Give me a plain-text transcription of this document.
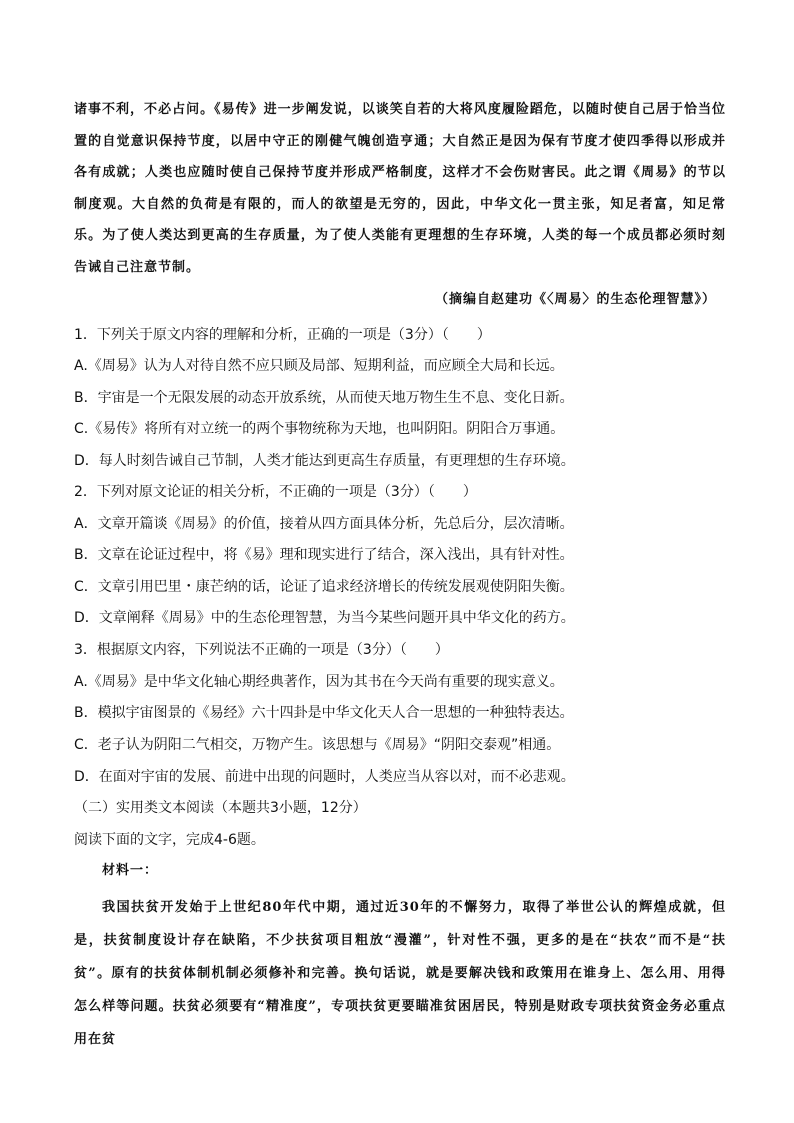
诸事不利，不必占问。《易传》进一步阐发说，以谈笑自若的大将风度履险蹈危，以随时使自己居于恰当位置的自觉意识保持节度，以居中守正的刚健气魄创造亨通；大自然正是因为保有节度才使四季得以形成并各有成就；人类也应随时使自己保持节度并形成严格制度，这样才不会伤财害民。此之谓《周易》的节以制度观。大自然的负荷是有限的，而人的欲望是无穷的，因此，中华文化一贯主张，知足者富，知足常乐。为了使人类达到更高的生存质量，为了使人类能有更理想的生存环境，人类的每一个成员都必须时刻告诫自己注意节制。

（摘编自赵建功《〈周易〉的生态伦理智慧》）

1．下列关于原文内容的理解和分析，正确的一项是（3分）（　　）

A.《周易》认为人对待自然不应只顾及局部、短期利益，而应顾全大局和长远。

B．宇宙是一个无限发展的动态开放系统，从而使天地万物生生不息、变化日新。

C.《易传》将所有对立统一的两个事物统称为天地，也叫阴阳。阴阳合万事通。

D．每人时刻告诫自己节制，人类才能达到更高生存质量，有更理想的生存环境。

2．下列对原文论证的相关分析，不正确的一项是（3分）（　　）

A．文章开篇谈《周易》的价值，接着从四方面具体分析，先总后分，层次清晰。

B．文章在论证过程中，将《易》理和现实进行了结合，深入浅出，具有针对性。

C．文章引用巴里・康芒纳的话，论证了追求经济增长的传统发展观使阴阳失衡。

D．文章阐释《周易》中的生态伦理智慧，为当今某些问题开具中华文化的药方。

3．根据原文内容，下列说法不正确的一项是（3分）（　　）

A.《周易》是中华文化轴心期经典著作，因为其书在今天尚有重要的现实意义。

B．模拟宇宙图景的《易经》六十四卦是中华文化天人合一思想的一种独特表达。

C．老子认为阴阳二气相交，万物产生。该思想与《周易》“阴阳交泰观”相通。

D．在面对宇宙的发展、前进中出现的问题时，人类应当从容以对，而不必悲观。

（二）实用类文本阅读（本题共3小题，12分）

阅读下面的文字，完成4-6题。

材料一：

我国扶贫开发始于上世纪80年代中期，通过近30年的不懈努力，取得了举世公认的辉煌成就，但是，扶贫制度设计存在缺陷，不少扶贫项目粗放“漫灌”，针对性不强，更多的是在“扶农”而不是“扶贫”。原有的扶贫体制机制必须修补和完善。换句话说，就是要解决钱和政策用在谁身上、怎么用、用得怎么样等问题。扶贫必须要有“精准度”，专项扶贫更要瞄准贫困居民，特别是财政专项扶贫资金务必重点用在贫
